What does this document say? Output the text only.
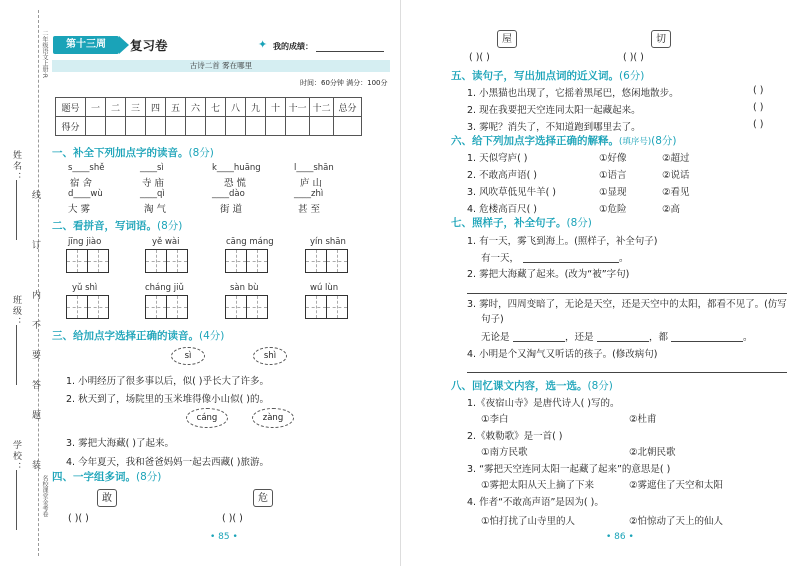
姓名：
班级：
学校：
线
订
内
不
要
答
题
装
二年级语文上册·R
名校课堂金考卷
第十三周	复习卷	✦ 我的成绩：
古诗二首 雾在哪里
时间：60分钟 满分：100分
题号	一	二	三	四	五	六	七	八	九	十	十一	十二	总分
得分													
一、补全下列加点字的读音。(8分)
s____shě
宿 舍
____sì
寺 庙
k____huāng
恐 慌
l____shān
庐 山
d____wù
大 雾
____qì
淘 气
____dào
街 道
____zhì
甚 至
二、看拼音，写词语。(8分)
jīng jiào	yě wài	cāng máng	yín shān
yǔ shì	cháng jiǔ	sàn bù	wú lùn
三、给加点字选择正确的读音。(4分)
sì	shì
1. 小明经历了很多事以后，似( )乎长大了许多。
2. 秋天到了，场院里的玉米堆得像小山似( )的。
cáng	zàng
3. 雾把大海藏( )了起来。
4. 今年夏天，我和爸爸妈妈一起去西藏( )旅游。
四、一字组多词。(8分)
敢	危
( )( )	( )( )
• 85 •
屋	切
( )( )	( )( )
五、读句子，写出加点词的近义词。(6分)
1. 小黑猫也出现了，它摇着黑尾巴，悠闲地散步。	( )
2. 现在我要把天空连同太阳一起藏起来。	( )
3. 雾呢？消失了，不知道跑到哪里去了。	( )
六、给下列加点字选择正确的解释。(填序号)(8分)
1. 天似穹庐( )	①好像	②超过
2. 不敢高声语( )	①语言	②说话
3. 风吹草低见牛羊( )	①显现	②看见
4. 危楼高百尺( )	①危险	②高
七、照样子，补全句子。(8分)
1. 有一天，雾飞到海上。(照样子，补全句子)
有一天，	。
2. 雾把大海藏了起来。(改为“被”字句)
3. 雾时，四周变暗了，无论是天空，还是天空中的太阳，都看不见了。(仿写
句子)
无论是	，还是	，都	。
4. 小明是个又淘气又听话的孩子。(修改病句)
八、回忆课文内容，选一选。(8分)
1.《夜宿山寺》是唐代诗人( )写的。
①李白	②杜甫
2.《敕勒歌》是一首( )
①南方民歌	②北朝民歌
3. “雾把天空连同太阳一起藏了起来”的意思是( )
①雾把太阳从天上摘了下来	②雾遮住了天空和太阳
4. 作者“不敢高声语”是因为( )。
①怕打扰了山寺里的人	②怕惊动了天上的仙人
• 86 •
